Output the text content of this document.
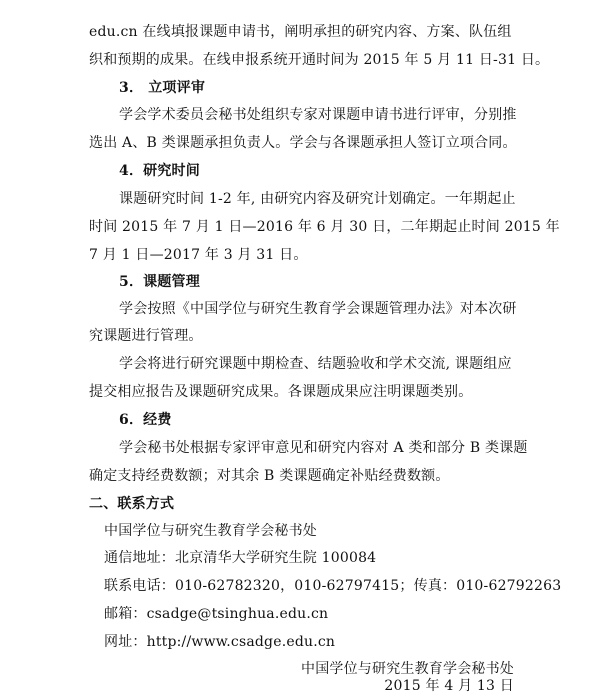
edu.cn 在线填报课题申请书，阐明承担的研究内容、方案、队伍组
织和预期的成果。在线申报系统开通时间为 2015 年 5 月 11 日-31 日。
3． 立项评审
学会学术委员会秘书处组织专家对课题申请书进行评审，分别推
选出 A、B 类课题承担负责人。学会与各课题承担人签订立项合同。
4．研究时间
课题研究时间 1-2 年, 由研究内容及研究计划确定。一年期起止
时间 2015 年 7 月 1 日—2016 年 6 月 30 日，二年期起止时间 2015 年
7 月 1 日—2017 年 3 月 31 日。
5．课题管理
学会按照《中国学位与研究生教育学会课题管理办法》对本次研
究课题进行管理。
学会将进行研究课题中期检查、结题验收和学术交流, 课题组应
提交相应报告及课题研究成果。各课题成果应注明课题类别。
6．经费
学会秘书处根据专家评审意见和研究内容对 A 类和部分 B 类课题
确定支持经费数额；对其余 B 类课题确定补贴经费数额。
二、联系方式
中国学位与研究生教育学会秘书处
通信地址：北京清华大学研究生院 100084
联系电话：010-62782320，010-62797415；传真：010-62792263
邮箱：csadge@tsinghua.edu.cn
网址：http://www.csadge.edu.cn
中国学位与研究生教育学会秘书处
2015 年 4 月 13 日
